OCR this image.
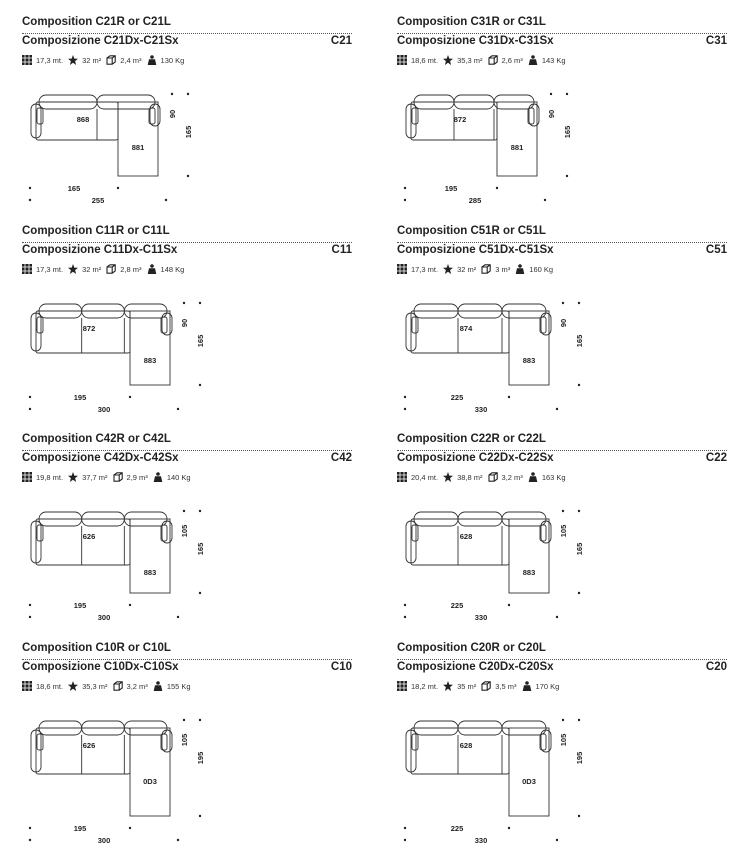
Composition C21R or C21L
Composizione C21Dx-C21Sx	C21
17,3 mt.	32 m²	2,4 m³	130 Kg
868
881
90
165
165
255
Composition C31R or C31L
Composizione C31Dx-C31Sx	C31
18,6 mt.	35,3 m²	2,6 m³	143 Kg
872
881
90
165
195
285
Composition C11R or C11L
Composizione C11Dx-C11Sx	C11
17,3 mt.	32 m²	2,8 m³	148 Kg
872
883
90
165
195
300
Composition C51R or C51L
Composizione C51Dx-C51Sx	C51
17,3 mt.	32 m²	3 m³	160 Kg
874
883
90
165
225
330
Composition C42R or C42L
Composizione C42Dx-C42Sx	C42
19,8 mt.	37,7 m²	2,9 m³	140 Kg
626
883
105
165
195
300
Composition C22R or C22L
Composizione C22Dx-C22Sx	C22
20,4 mt.	38,8 m²	3,2 m³	163 Kg
628
883
105
165
225
330
Composition C10R or C10L
Composizione C10Dx-C10Sx	C10
18,6 mt.	35,3 m²	3,2 m³	155 Kg
626
0D3
105
195
195
300
Composition C20R or C20L
Composizione C20Dx-C20Sx	C20
18,2 mt.	35 m²	3,5 m³	170 Kg
628
0D3
105
195
225
330
